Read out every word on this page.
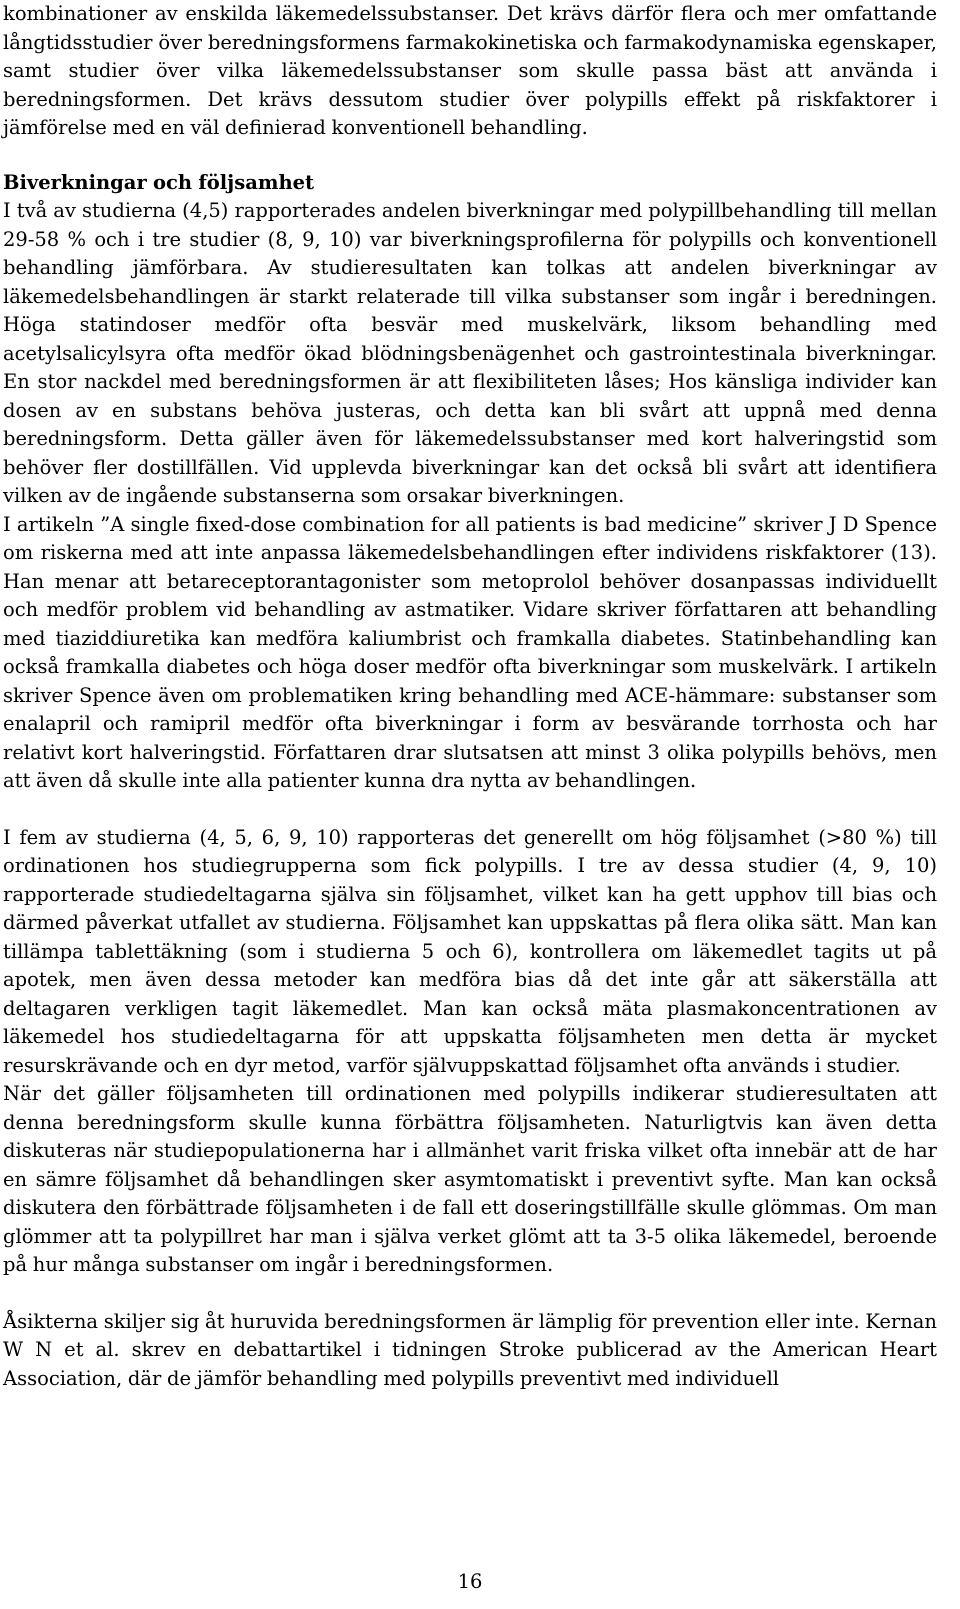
kombinationer av enskilda läkemedelssubstanser. Det krävs därför flera och mer omfattande långtidsstudier över beredningsformens farmakokinetiska och farmakodynamiska egenskaper, samt studier över vilka läkemedelssubstanser som skulle passa bäst att använda i beredningsformen. Det krävs dessutom studier över polypills effekt på riskfaktorer i jämförelse med en väl definierad konventionell behandling.

Biverkningar och följsamhet

I två av studierna (4,5) rapporterades andelen biverkningar med polypillbehandling till mellan 29-58 % och i tre studier (8, 9, 10) var biverkningsprofilerna för polypills och konventionell behandling jämförbara. Av studieresultaten kan tolkas att andelen biverkningar av läkemedelsbehandlingen är starkt relaterade till vilka substanser som ingår i beredningen. Höga statindoser medför ofta besvär med muskelvärk, liksom behandling med acetylsalicylsyra ofta medför ökad blödningsbenägenhet och gastrointestinala biverkningar. En stor nackdel med beredningsformen är att flexibiliteten låses; Hos känsliga individer kan dosen av en substans behöva justeras, och detta kan bli svårt att uppnå med denna beredningsform. Detta gäller även för läkemedelssubstanser med kort halveringstid som behöver fler dostillfällen. Vid upplevda biverkningar kan det också bli svårt att identifiera vilken av de ingående substanserna som orsakar biverkningen.

I artikeln ”A single fixed-dose combination for all patients is bad medicine” skriver J D Spence om riskerna med att inte anpassa läkemedelsbehandlingen efter individens riskfaktorer (13). Han menar att betareceptorantagonister som metoprolol behöver dosanpassas individuellt och medför problem vid behandling av astmatiker. Vidare skriver författaren att behandling med tiaziddiuretika kan medföra kaliumbrist och framkalla diabetes. Statinbehandling kan också framkalla diabetes och höga doser medför ofta biverkningar som muskelvärk. I artikeln skriver Spence även om problematiken kring behandling med ACE-hämmare: substanser som enalapril och ramipril medför ofta biverkningar i form av besvärande torrhosta och har relativt kort halveringstid. Författaren drar slutsatsen att minst 3 olika polypills behövs, men att även då skulle inte alla patienter kunna dra nytta av behandlingen.

I fem av studierna (4, 5, 6, 9, 10) rapporteras det generellt om hög följsamhet (>80 %) till ordinationen hos studiegrupperna som fick polypills. I tre av dessa studier (4, 9, 10) rapporterade studiedeltagarna själva sin följsamhet, vilket kan ha gett upphov till bias och därmed påverkat utfallet av studierna. Följsamhet kan uppskattas på flera olika sätt. Man kan tillämpa tablettäkning (som i studierna 5 och 6), kontrollera om läkemedlet tagits ut på apotek, men även dessa metoder kan medföra bias då det inte går att säkerställa att deltagaren verkligen tagit läkemedlet. Man kan också mäta plasmakoncentrationen av läkemedel hos studiedeltagarna för att uppskatta följsamheten men detta är mycket resurskrävande och en dyr metod, varför självuppskattad följsamhet ofta används i studier.

När det gäller följsamheten till ordinationen med polypills indikerar studieresultaten att denna beredningsform skulle kunna förbättra följsamheten. Naturligtvis kan även detta diskuteras när studiepopulationerna har i allmänhet varit friska vilket ofta innebär att de har en sämre följsamhet då behandlingen sker asymtomatiskt i preventivt syfte. Man kan också diskutera den förbättrade följsamheten i de fall ett doseringstillfälle skulle glömmas. Om man glömmer att ta polypillret har man i själva verket glömt att ta 3-5 olika läkemedel, beroende på hur många substanser om ingår i beredningsformen.

Åsikterna skiljer sig åt huruvida beredningsformen är lämplig för prevention eller inte. Kernan W N et al. skrev en debattartikel i tidningen Stroke publicerad av the American Heart Association, där de jämför behandling med polypills preventivt med individuell

16
